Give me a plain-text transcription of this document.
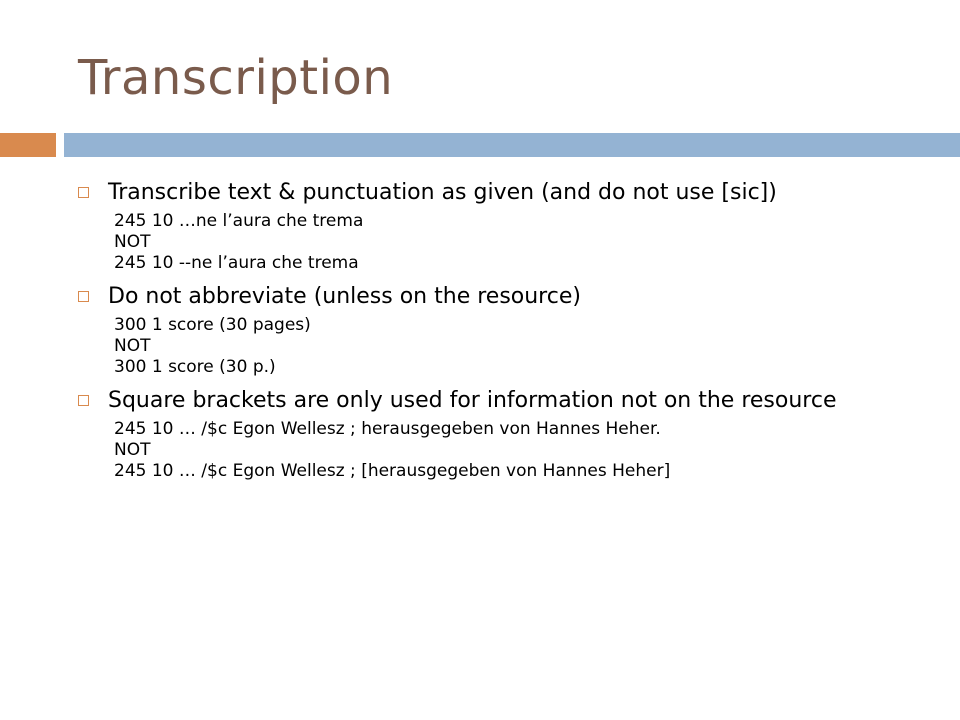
Transcription
Transcribe text & punctuation as given (and do not use [sic])
245 10 …ne l’aura che trema
NOT
245 10 --ne l’aura che trema
Do not abbreviate (unless on the resource)
300 1 score (30 pages)
NOT
300 1 score (30 p.)
Square brackets are only used for information not on the resource
245 10 … /$c Egon Wellesz ; herausgegeben von Hannes Heher.
NOT
245 10 … /$c Egon Wellesz ; [herausgegeben von Hannes Heher]
